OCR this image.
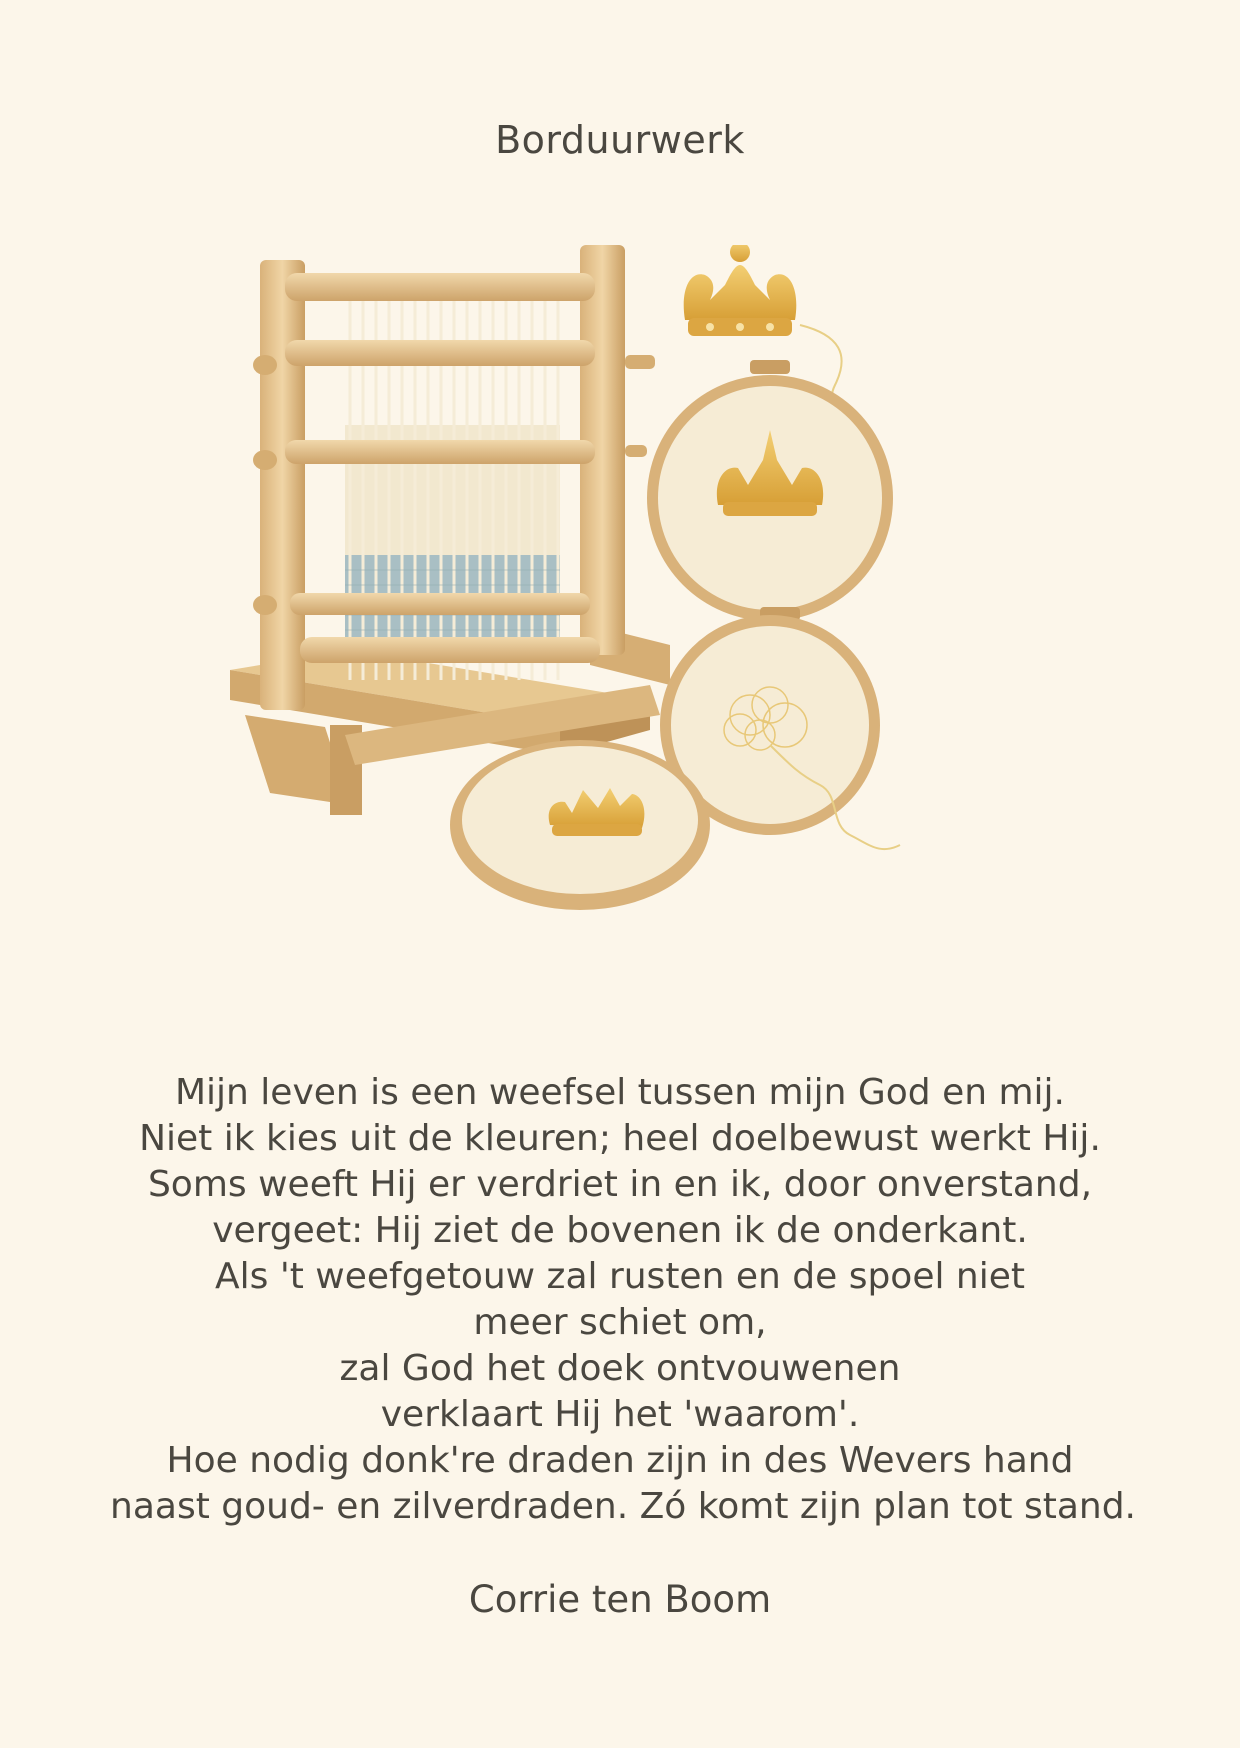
Borduurwerk
Mijn leven is een weefsel tussen mijn God en mij.
Niet ik kies uit de kleuren; heel doelbewust werkt Hij.
Soms weeft Hij er verdriet in en ik, door onverstand,
vergeet: Hij ziet de bovenen ik de onderkant.
Als 't weefgetouw zal rusten en de spoel niet meer schiet om,
zal God het doek ontvouwenen verklaart Hij het 'waarom'.
Hoe nodig donk're draden zijn in des Wevers hand
naast goud- en zilverdraden. Zó komt zijn plan tot stand.
Corrie ten Boom
